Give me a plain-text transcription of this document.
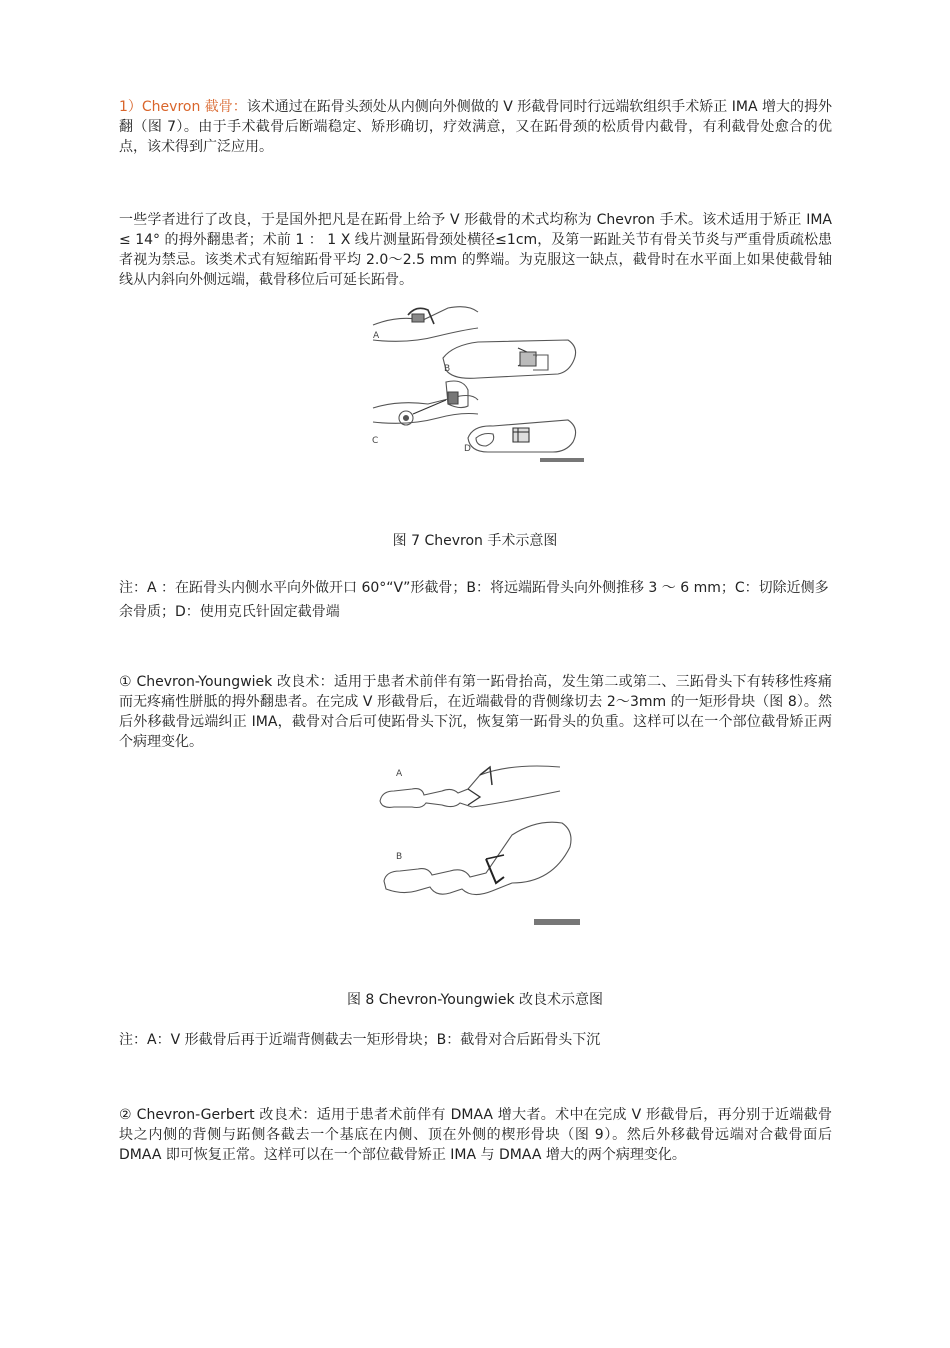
1）Chevron 截骨：该术通过在跖骨头颈处从内侧向外侧做的 V 形截骨同时行远端软组织手术矫正 IMA 增大的拇外翻（图 7）。由于手术截骨后断端稳定、矫形确切，疗效满意，又在跖骨颈的松质骨内截骨，有利截骨处愈合的优点，该术得到广泛应用。

一些学者进行了改良，于是国外把凡是在跖骨上给予 V 形截骨的术式均称为 Chevron 手术。该术适用于矫正 IMA ≤ 14° 的拇外翻患者；术前 1 ： 1 X 线片测量跖骨颈处横径≤1cm，及第一跖趾关节有骨关节炎与严重骨质疏松患者视为禁忌。该类术式有短缩跖骨平均 2.0～2.5 mm 的弊端。为克服这一缺点，截骨时在水平面上如果使截骨轴线从内斜向外侧远端，截骨移位后可延长跖骨。

A
B
C
D

图 7 Chevron 手术示意图

注：A ：在跖骨头内侧水平向外做开口 60°“V”形截骨；B：将远端跖骨头向外侧推移 3 ～ 6 mm；C：切除近侧多余骨质；D：使用克氏针固定截骨端

① Chevron-Youngwiek 改良术：适用于患者术前伴有第一跖骨抬高，发生第二或第二、三跖骨头下有转移性疼痛而无疼痛性胼胝的拇外翻患者。在完成 V 形截骨后，在近端截骨的背侧缘切去 2～3mm 的一矩形骨块（图 8）。然后外移截骨远端纠正 IMA，截骨对合后可使跖骨头下沉，恢复第一跖骨头的负重。这样可以在一个部位截骨矫正两个病理变化。

A
B

图 8 Chevron-Youngwiek 改良术示意图

注：A：V 形截骨后再于近端背侧截去一矩形骨块；B：截骨对合后跖骨头下沉

② Chevron-Gerbert 改良术：适用于患者术前伴有 DMAA 增大者。术中在完成 V 形截骨后，再分别于近端截骨块之内侧的背侧与跖侧各截去一个基底在内侧、顶在外侧的楔形骨块（图 9）。然后外移截骨远端对合截骨面后 DMAA 即可恢复正常。这样可以在一个部位截骨矫正 IMA 与 DMAA 增大的两个病理变化。
